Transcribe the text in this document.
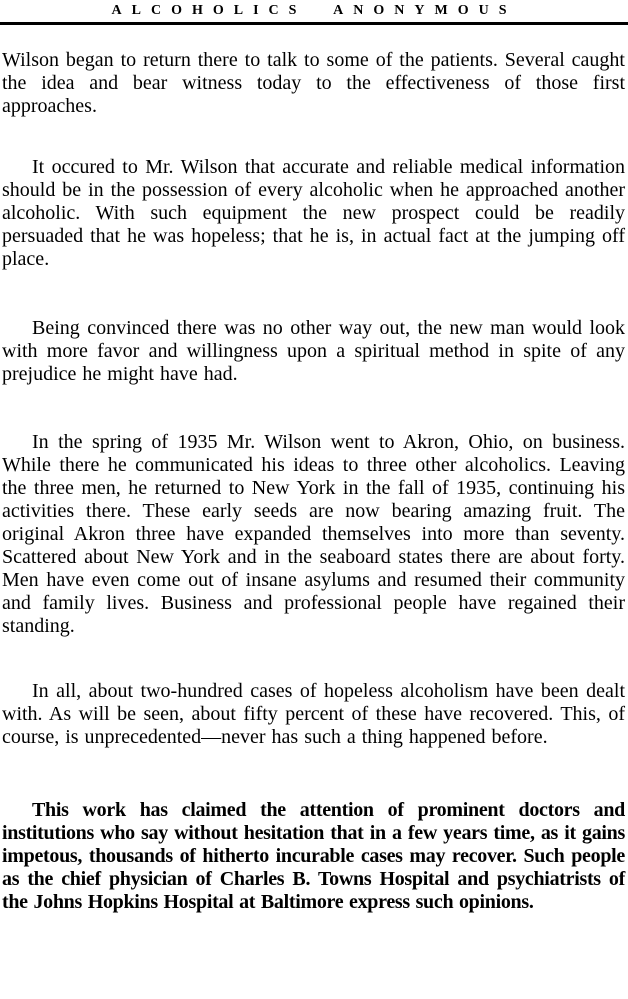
ALCOHOLICS ANONYMOUS

Wilson began to return there to talk to some of the patients. Several caught the idea and bear witness today to the effectiveness of those first approaches.

It occured to Mr. Wilson that accurate and reliable medical information should be in the possession of every alcoholic when he approached another alcoholic. With such equipment the new prospect could be readily persuaded that he was hopeless; that he is, in actual fact at the jumping off place.

Being convinced there was no other way out, the new man would look with more favor and willingness upon a spiritual method in spite of any prejudice he might have had.

In the spring of 1935 Mr. Wilson went to Akron, Ohio, on business. While there he communicated his ideas to three other alcoholics. Leaving the three men, he returned to New York in the fall of 1935, continuing his activities there. These early seeds are now bearing amazing fruit. The original Akron three have expanded themselves into more than seventy. Scattered about New York and in the seaboard states there are about forty. Men have even come out of insane asylums and resumed their community and family lives. Business and professional people have regained their standing.

In all, about two-hundred cases of hopeless alcoholism have been dealt with. As will be seen, about fifty percent of these have recovered. This, of course, is unprecedented—never has such a thing happened before.

This work has claimed the attention of prominent doctors and institutions who say without hesitation that in a few years time, as it gains impetous, thousands of hitherto incurable cases may recover. Such people as the chief physician of Charles B. Towns Hospital and psychiatrists of the Johns Hopkins Hospital at Baltimore express such opinions.
